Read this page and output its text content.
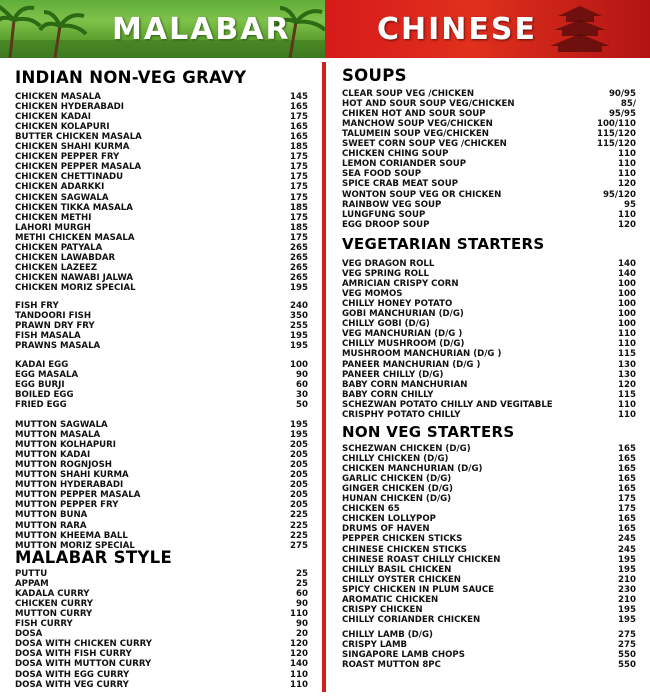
MALABAR	CHINESE
INDIAN NON-VEG GRAVY
CHICKEN MASALA	145
CHICKEN HYDERABADI	165
CHICKEN KADAI	175
CHICKEN KOLAPURI	165
BUTTER CHICKEN MASALA	165
CHICKEN SHAHI KURMA	185
CHICKEN PEPPER FRY	175
CHICKEN PEPPER MASALA	175
CHICKEN CHETTINADU	175
CHICKEN ADARKKI	175
CHICKEN SAGWALA	175
CHICKEN TIKKA MASALA	185
CHICKEN METHI	175
LAHORI MURGH	185
METHI CHICKEN MASALA	175
CHICKEN PATYALA	265
CHICKEN LAWABDAR	265
CHICKEN LAZEEZ	265
CHICKEN NAWABI JALWA	265
CHICKEN MORIZ SPECIAL	195
FISH FRY	240
TANDOORI FISH	350
PRAWN DRY FRY	255
FISH MASALA	195
PRAWNS MASALA	195
KADAI EGG	100
EGG MASALA	90
EGG BURJI	60
BOILED EGG	30
FRIED EGG	50
MUTTON SAGWALA	195
MUTTON MASALA	195
MUTTON KOLHAPURI	205
MUTTON KADAI	205
MUTTON ROGNJOSH	205
MUTTON SHAHI KURMA	205
MUTTON HYDERABADI	205
MUTTON PEPPER MASALA	205
MUTTON PEPPER FRY	205
MUTTON BUNA	225
MUTTON RARA	225
MUTTON KHEEMA BALL	225
MUTTON MORIZ SPECIAL	275
MALABAR STYLE
PUTTU	25
APPAM	25
KADALA CURRY	60
CHICKEN CURRY	90
MUTTON CURRY	110
FISH CURRY	90
DOSA	20
DOSA WITH CHICKEN CURRY	120
DOSA WITH FISH CURRY	120
DOSA WITH MUTTON CURRY	140
DOSA WITH EGG CURRY	110
DOSA WITH VEG CURRY	110
SOUPS
CLEAR SOUP VEG /CHICKEN	90/95
HOT AND SOUR SOUP VEG/CHICKEN	85/
CHIKEN HOT AND SOUR SOUP	95/95
MANCHOW SOUP VEG/CHICKEN	100/110
TALUMEIN SOUP VEG/CHICKEN	115/120
SWEET CORN SOUP VEG /CHICKEN	115/120
CHICKEN CHING SOUP	110
LEMON CORIANDER SOUP	110
SEA FOOD SOUP	110
SPICE CRAB MEAT SOUP	120
WONTON SOUP VEG OR CHICKEN	95/120
RAINBOW VEG SOUP	95
LUNGFUNG SOUP	110
EGG DROOP SOUP	120
VEGETARIAN STARTERS
VEG DRAGON ROLL	140
VEG SPRING ROLL	140
AMRICIAN CRISPY CORN	100
VEG MOMOS	100
CHILLY HONEY POTATO	100
GOBI MANCHURIAN (D/G)	100
CHILLY GOBI (D/G)	100
VEG MANCHURIAN (D/G )	110
CHILLY MUSHROOM (D/G)	110
MUSHROOM MANCHURIAN (D/G )	115
PANEER MANCHURIAN (D/G )	130
PANEER CHILLY (D/G)	130
BABY CORN MANCHURIAN	120
BABY CORN CHILLY	115
SCHEZWAN POTATO CHILLY AND VEGITABLE	110
CRISPHY POTATO CHILLY	110
NON VEG STARTERS
SCHEZWAN CHICKEN (D/G)	165
CHILLY CHICKEN (D/G)	165
CHICKEN MANCHURIAN (D/G)	165
GARLIC CHICKEN (D/G)	165
GINGER CHICKEN (D/G)	165
HUNAN CHICKEN (D/G)	175
CHICKEN 65	175
CHICKEN LOLLYPOP	165
DRUMS OF HAVEN	165
PEPPER CHICKEN STICKS	245
CHINESE CHICKEN STICKS	245
CHINESE ROAST CHILLY CHICKEN	195
CHILLY BASIL CHICKEN	195
CHILLY OYSTER CHICKEN	210
SPICY CHICKEN IN PLUM SAUCE	230
AROMATIC CHICKEN	210
CRISPY CHICKEN	195
CHILLY CORIANDER CHICKEN	195
CHILLY LAMB (D/G)	275
CRISPY LAMB	275
SINGAPORE LAMB CHOPS	550
ROAST MUTTON 8PC	550
